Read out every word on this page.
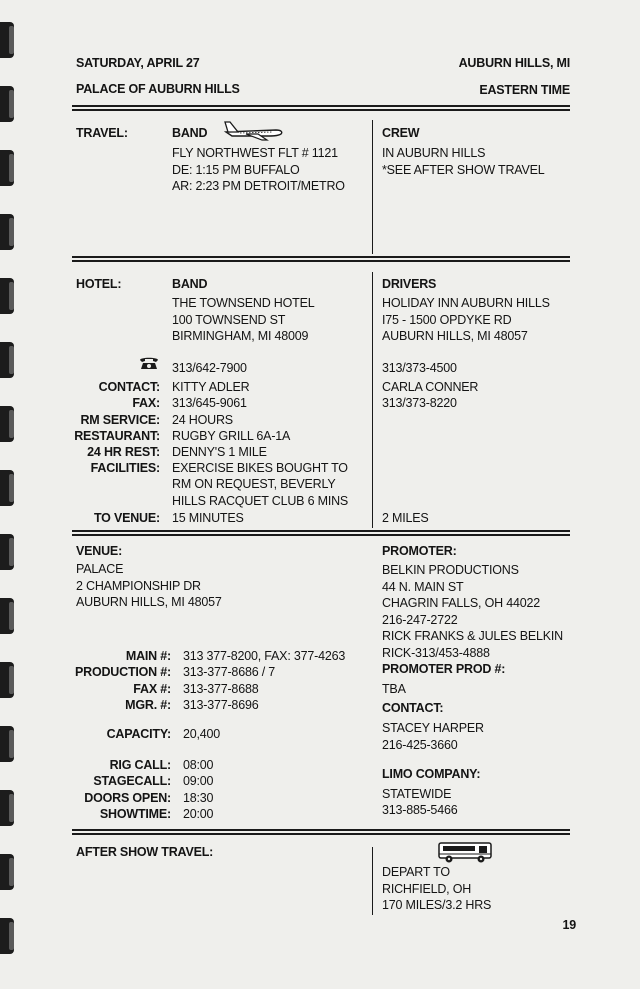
SATURDAY, APRIL 27	AUBURN HILLS, MI
PALACE OF AUBURN HILLS	EASTERN TIME
TRAVEL:	BAND
FLY NORTHWEST FLT # 1121
DE: 1:15 PM BUFFALO
AR: 2:23 PM DETROIT/METRO
CREW
IN AUBURN HILLS
*SEE AFTER SHOW TRAVEL
HOTEL:	BAND
THE TOWNSEND HOTEL
100 TOWNSEND ST
BIRMINGHAM, MI 48009
313/642-7900
CONTACT: KITTY ADLER
FAX: 313/645-9061
RM SERVICE: 24 HOURS
RESTAURANT: RUGBY GRILL 6A-1A
24 HR REST: DENNY'S 1 MILE
FACILITIES: EXERCISE BIKES BOUGHT TO
RM ON REQUEST, BEVERLY
HILLS RACQUET CLUB 6 MINS
TO VENUE: 15 MINUTES
DRIVERS
HOLIDAY INN AUBURN HILLS
I75 - 1500 OPDYKE RD
AUBURN HILLS, MI 48057
313/373-4500
CARLA CONNER
313/373-8220
2 MILES
VENUE:
PALACE
2 CHAMPIONSHIP DR
AUBURN HILLS, MI 48057
MAIN #: 313 377-8200, FAX: 377-4263
PRODUCTION #: 313-377-8686 / 7
FAX #: 313-377-8688
MGR. #: 313-377-8696
CAPACITY: 20,400
RIG CALL: 08:00
STAGECALL: 09:00
DOORS OPEN: 18:30
SHOWTIME: 20:00
PROMOTER:
BELKIN PRODUCTIONS
44 N. MAIN ST
CHAGRIN FALLS, OH 44022
216-247-2722
RICK FRANKS & JULES BELKIN
RICK-313/453-4888
PROMOTER PROD #:
TBA
CONTACT:
STACEY HARPER
216-425-3660
LIMO COMPANY:
STATEWIDE
313-885-5466
AFTER SHOW TRAVEL:
DEPART TO
RICHFIELD, OH
170 MILES/3.2 HRS
19
